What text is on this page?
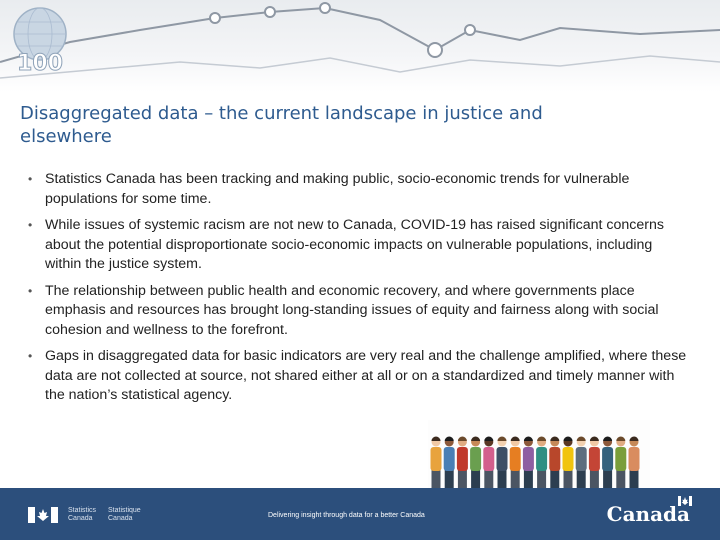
100
Disaggregated data – the current landscape in justice and elsewhere
• Statistics Canada has been tracking and making public, socio-economic trends for vulnerable populations for some time.
• While issues of systemic racism are not new to Canada, COVID-19 has raised significant concerns about the potential disproportionate socio-economic impacts on vulnerable populations, including within the justice system.
• The relationship between public health and economic recovery, and where governments place emphasis and resources has brought long-standing issues of equity and fairness along with social cohesion and wellness to the forefront.
• Gaps in disaggregated data for basic indicators are very real and the challenge amplified, where these data are not collected at source, not shared either at all or on a standardized and timely manner with the nation’s statistical agency.
Statistics Canada
Statistique Canada	Delivering insight through data for a better Canada	Canada
